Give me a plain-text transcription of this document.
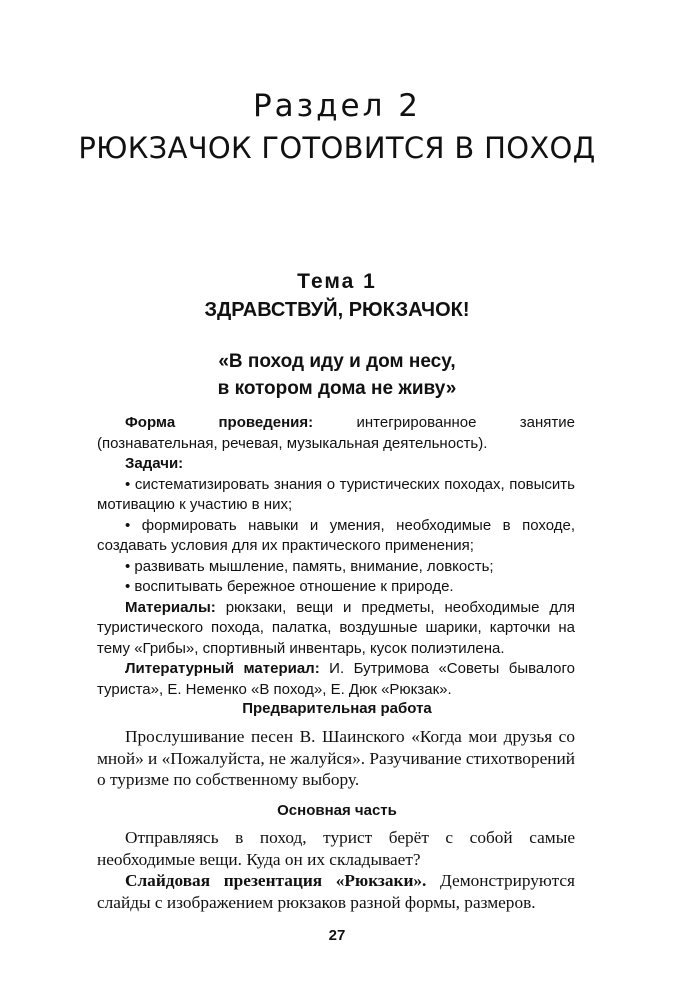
Раздел 2
РЮКЗАЧОК ГОТОВИТСЯ В ПОХОД
Тема 1
ЗДРАВСТВУЙ, РЮКЗАЧОК!
«В поход иду и дом несу,
в котором дома не живу»

Форма проведения: интегрированное занятие (познавательная, речевая, музыкальная деятельность).

Задачи:

• систематизировать знания о туристических походах, повысить мотивацию к участию в них;

• формировать навыки и умения, необходимые в походе, создавать условия для их практического применения;

• развивать мышление, память, внимание, ловкость;

• воспитывать бережное отношение к природе.

Материалы: рюкзаки, вещи и предметы, необходимые для туристического похода, палатка, воздушные шарики, карточки на тему «Грибы», спортивный инвентарь, кусок полиэтилена.

Литературный материал: И. Бутримова «Советы бывалого туриста», Е. Неменко «В поход», Е. Дюк «Рюкзак».

Предварительная работа

Прослушивание песен В. Шаинского «Когда мои друзья со мной» и «Пожалуйста, не жалуйся». Разучивание стихотворений о туризме по собственному выбору.

Основная часть

Отправляясь в поход, турист берёт с собой самые необходимые вещи. Куда он их складывает?

Слайдовая презентация «Рюкзаки». Демонстрируются слайды с изображением рюкзаков разной формы, размеров.

27
